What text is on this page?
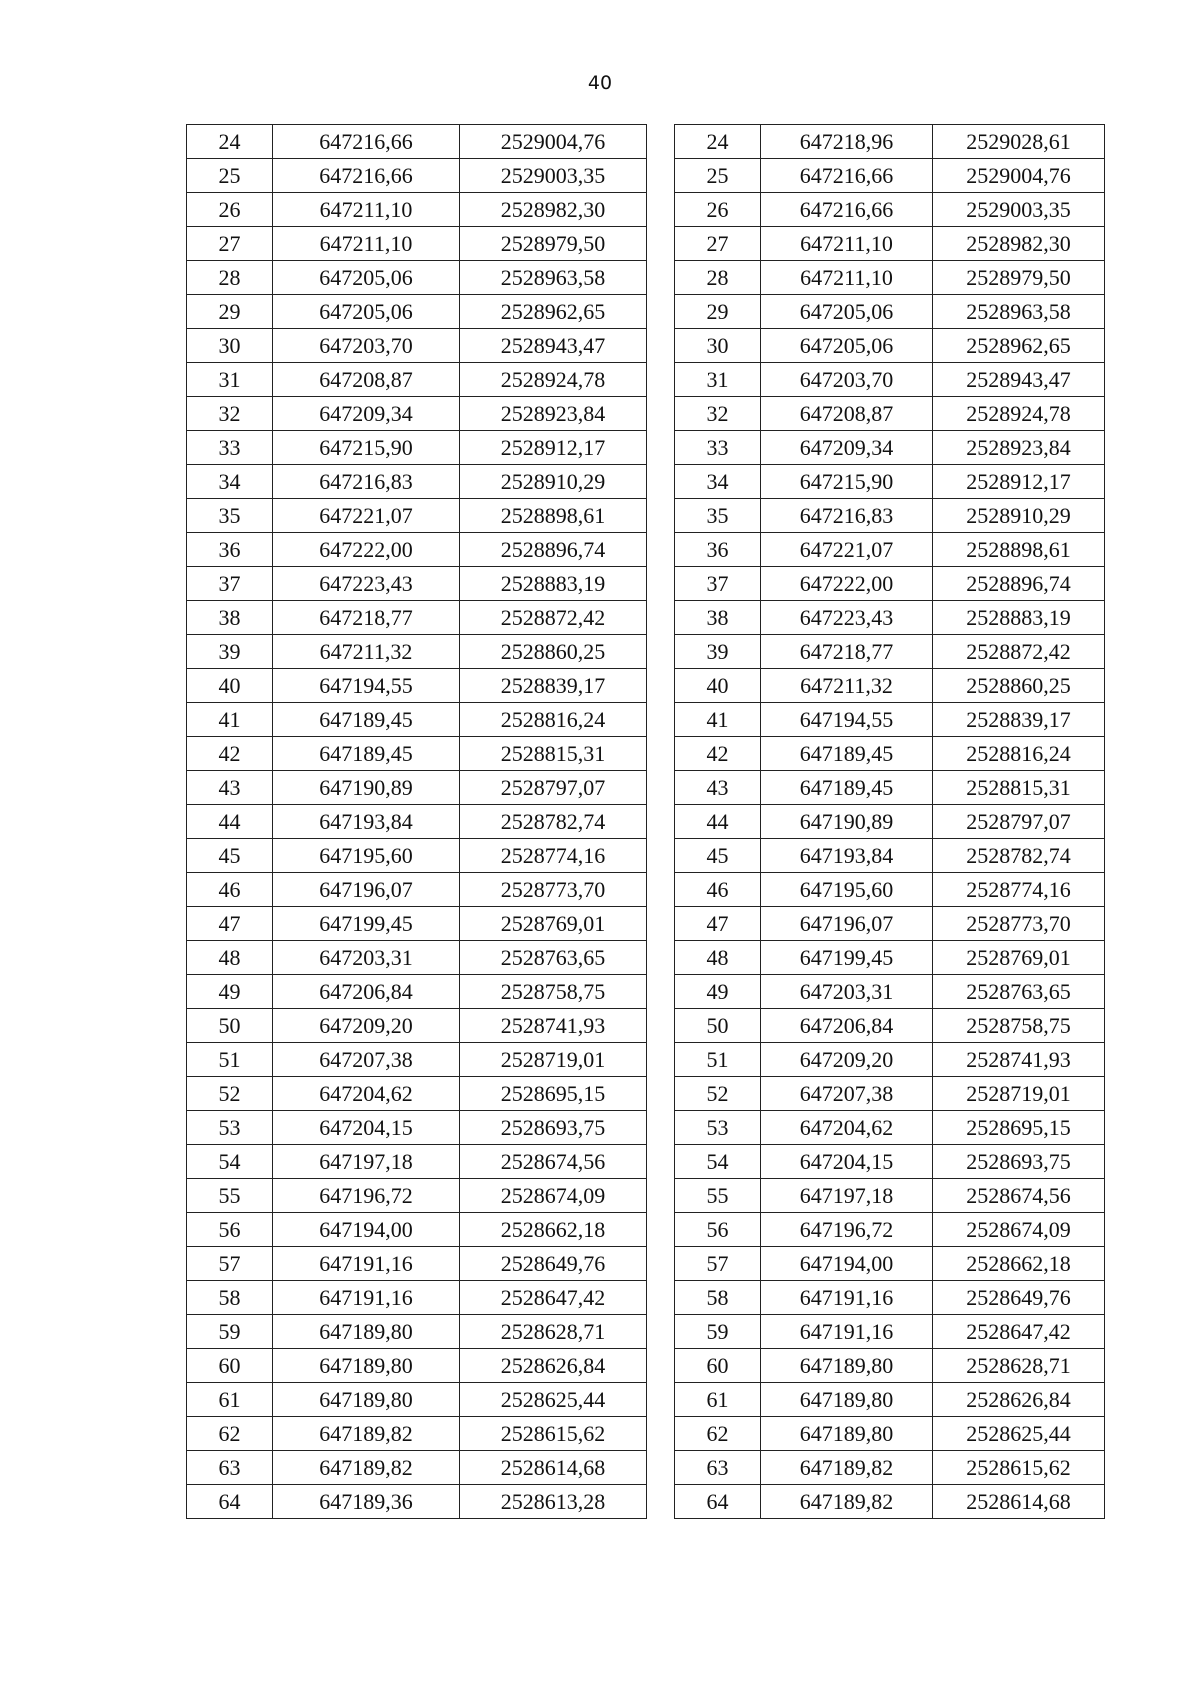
40
24	647216,66	2529004,76
25	647216,66	2529003,35
26	647211,10	2528982,30
27	647211,10	2528979,50
28	647205,06	2528963,58
29	647205,06	2528962,65
30	647203,70	2528943,47
31	647208,87	2528924,78
32	647209,34	2528923,84
33	647215,90	2528912,17
34	647216,83	2528910,29
35	647221,07	2528898,61
36	647222,00	2528896,74
37	647223,43	2528883,19
38	647218,77	2528872,42
39	647211,32	2528860,25
40	647194,55	2528839,17
41	647189,45	2528816,24
42	647189,45	2528815,31
43	647190,89	2528797,07
44	647193,84	2528782,74
45	647195,60	2528774,16
46	647196,07	2528773,70
47	647199,45	2528769,01
48	647203,31	2528763,65
49	647206,84	2528758,75
50	647209,20	2528741,93
51	647207,38	2528719,01
52	647204,62	2528695,15
53	647204,15	2528693,75
54	647197,18	2528674,56
55	647196,72	2528674,09
56	647194,00	2528662,18
57	647191,16	2528649,76
58	647191,16	2528647,42
59	647189,80	2528628,71
60	647189,80	2528626,84
61	647189,80	2528625,44
62	647189,82	2528615,62
63	647189,82	2528614,68
64	647189,36	2528613,28
24	647218,96	2529028,61
25	647216,66	2529004,76
26	647216,66	2529003,35
27	647211,10	2528982,30
28	647211,10	2528979,50
29	647205,06	2528963,58
30	647205,06	2528962,65
31	647203,70	2528943,47
32	647208,87	2528924,78
33	647209,34	2528923,84
34	647215,90	2528912,17
35	647216,83	2528910,29
36	647221,07	2528898,61
37	647222,00	2528896,74
38	647223,43	2528883,19
39	647218,77	2528872,42
40	647211,32	2528860,25
41	647194,55	2528839,17
42	647189,45	2528816,24
43	647189,45	2528815,31
44	647190,89	2528797,07
45	647193,84	2528782,74
46	647195,60	2528774,16
47	647196,07	2528773,70
48	647199,45	2528769,01
49	647203,31	2528763,65
50	647206,84	2528758,75
51	647209,20	2528741,93
52	647207,38	2528719,01
53	647204,62	2528695,15
54	647204,15	2528693,75
55	647197,18	2528674,56
56	647196,72	2528674,09
57	647194,00	2528662,18
58	647191,16	2528649,76
59	647191,16	2528647,42
60	647189,80	2528628,71
61	647189,80	2528626,84
62	647189,80	2528625,44
63	647189,82	2528615,62
64	647189,82	2528614,68
